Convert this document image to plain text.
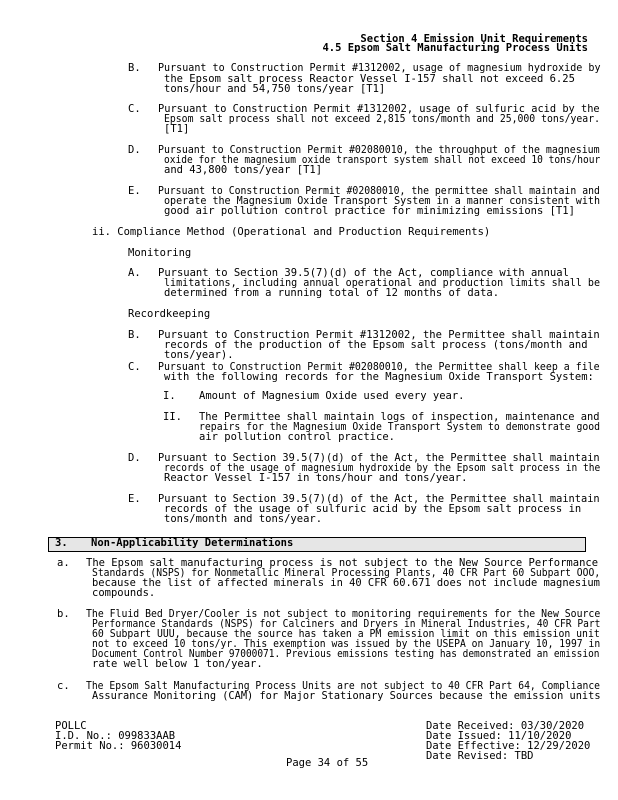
Section 4 Emission Unit Requirements
4.5 Epsom Salt Manufacturing Process Units
B. Pursuant to Construction Permit #1312002, usage of magnesium hydroxide by
the Epsom salt process Reactor Vessel I-157 shall not exceed 6.25
tons/hour and 54,750 tons/year [T1]
C. Pursuant to Construction Permit #1312002, usage of sulfuric acid by the
Epsom salt process shall not exceed 2,815 tons/month and 25,000 tons/year.
[T1]
D. Pursuant to Construction Permit #02080010, the throughput of the magnesium
oxide for the magnesium oxide transport system shall not exceed 10 tons/hour
and 43,800 tons/year [T1]
E. Pursuant to Construction Permit #02080010, the permittee shall maintain and
operate the Magnesium Oxide Transport System in a manner consistent with
good air pollution control practice for minimizing emissions [T1]
ii. Compliance Method (Operational and Production Requirements)
Monitoring
A. Pursuant to Section 39.5(7)(d) of the Act, compliance with annual
limitations, including annual operational and production limits shall be
determined from a running total of 12 months of data.
Recordkeeping
B. Pursuant to Construction Permit #1312002, the Permittee shall maintain
records of the production of the Epsom salt process (tons/month and
tons/year).
C. Pursuant to Construction Permit #02080010, the Permittee shall keep a file
with the following records for the Magnesium Oxide Transport System:
I. Amount of Magnesium Oxide used every year.
II. The Permittee shall maintain logs of inspection, maintenance and
repairs for the Magnesium Oxide Transport System to demonstrate good
air pollution control practice.
D. Pursuant to Section 39.5(7)(d) of the Act, the Permittee shall maintain
records of the usage of magnesium hydroxide by the Epsom salt process in the
Reactor Vessel I-157 in tons/hour and tons/year.
E. Pursuant to Section 39.5(7)(d) of the Act, the Permittee shall maintain
records of the usage of sulfuric acid by the Epsom salt process in
tons/month and tons/year.
3. Non-Applicability Determinations
a. The Epsom salt manufacturing process is not subject to the New Source Performance
Standards (NSPS) for Nonmetallic Mineral Processing Plants, 40 CFR Part 60 Subpart OOO,
because the list of affected minerals in 40 CFR 60.671 does not include magnesium
compounds.
b. The Fluid Bed Dryer/Cooler is not subject to monitoring requirements for the New Source
Performance Standards (NSPS) for Calciners and Dryers in Mineral Industries, 40 CFR Part
60 Subpart UUU, because the source has taken a PM emission limit on this emission unit
not to exceed 10 tons/yr. This exemption was issued by the USEPA on January 10, 1997 in
Document Control Number 97000071. Previous emissions testing has demonstrated an emission
rate well below 1 ton/year.
c. The Epsom Salt Manufacturing Process Units are not subject to 40 CFR Part 64, Compliance
Assurance Monitoring (CAM) for Major Stationary Sources because the emission units
POLLC
I.D. No.: 099833AAB
Permit No.: 96030014
Date Received: 03/30/2020
Date Issued: 11/10/2020
Date Effective: 12/29/2020
Date Revised: TBD
Page 34 of 55
